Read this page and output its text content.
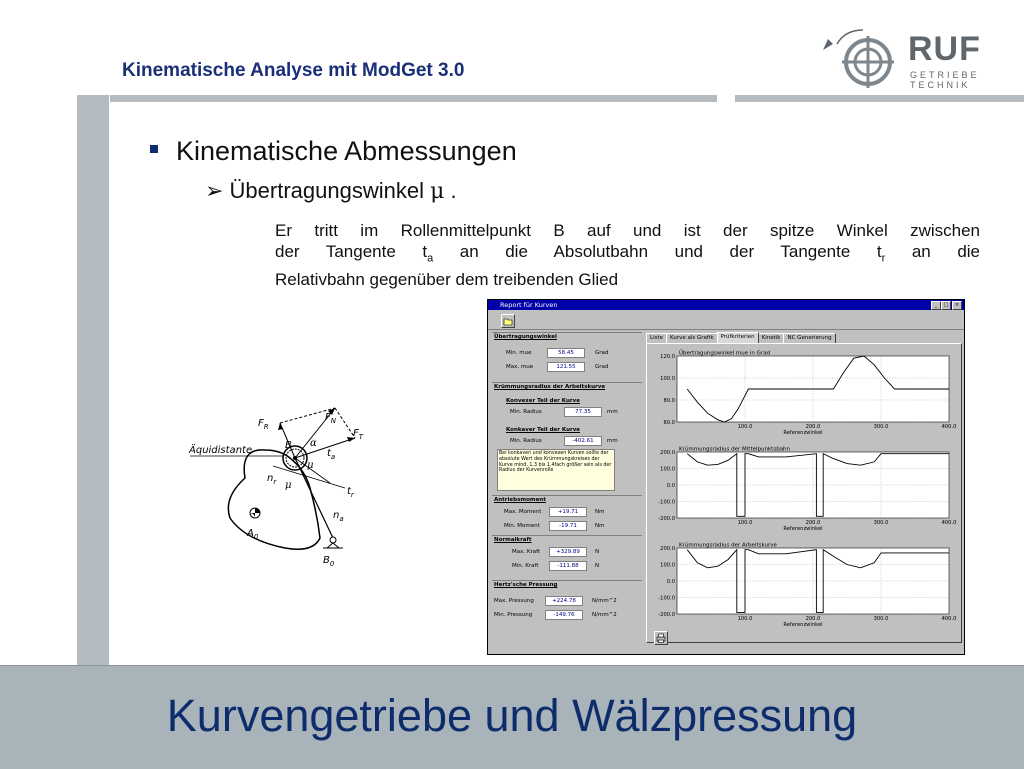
Kinematische Analyse mit ModGet 3.0
RUF
GETRIEBE
TECHNIK
Kinematische Abmessungen
➢ Übertragungswinkel μ .
Er tritt im Rollenmittelpunkt B auf und ist der spitze Winkel zwischen
der Tangente $t_a$ an die Absolutbahn und der Tangente $t_r$ an die
Relativbahn gegenüber dem treibenden Glied
Äquidistante
$F_R$
$F_N$
$F_T$
α
B
$t_a$
μ
$n_r$ μ
$t_r$
$n_a$
$A_0$
$B_0$
Report für Kurven	_	□	×
Übertragungswinkel
Min. mue	58.45	Grad
Max. mue	121.55	Grad
Krümmungsradius der Arbeitskurve
Konvexer Teil der Kurve
Min. Radius	77.35	mm
Konkaver Teil der Kurve
Min. Radius	-402.61	mm
Bei konkaven und konvexen Kurven sollte der absolute Wert des Krümmungskreises der Kurve mind. 1,3 bis 1,4fach größer sein als der Radius der Kurvenrolle
Antriebsmoment
Max. Moment	+19.71	Nm
Min. Moment	-19.71	Nm
Normalkraft
Max. Kraft	+329.89	N
Min. Kraft	-111.88	N
Hertz'sche Pressung
Max. Pressung	+224.78	N/mm^2
Min. Pressung	-149.76	N/mm^2
Liste Kurve als Grafik Prüfkriterien Kinetik NC Generierung
Übertragungswinkel mue in Grad
120.0
100.0
80.0
60.0
100.0	200.0	300.0	400.0
Referenzwinkel
Krümmungsradius der Mittelpunktsbahn
200.0
100.0
0.0
-100.0
-200.0
100.0	200.0	300.0	400.0
Referenzwinkel
Krümmungsradius der Arbeitskurve
200.0
100.0
0.0
-100.0
-200.0
100.0	200.0	300.0	400.0
Referenzwinkel
Kurvengetriebe und Wälzpressung
